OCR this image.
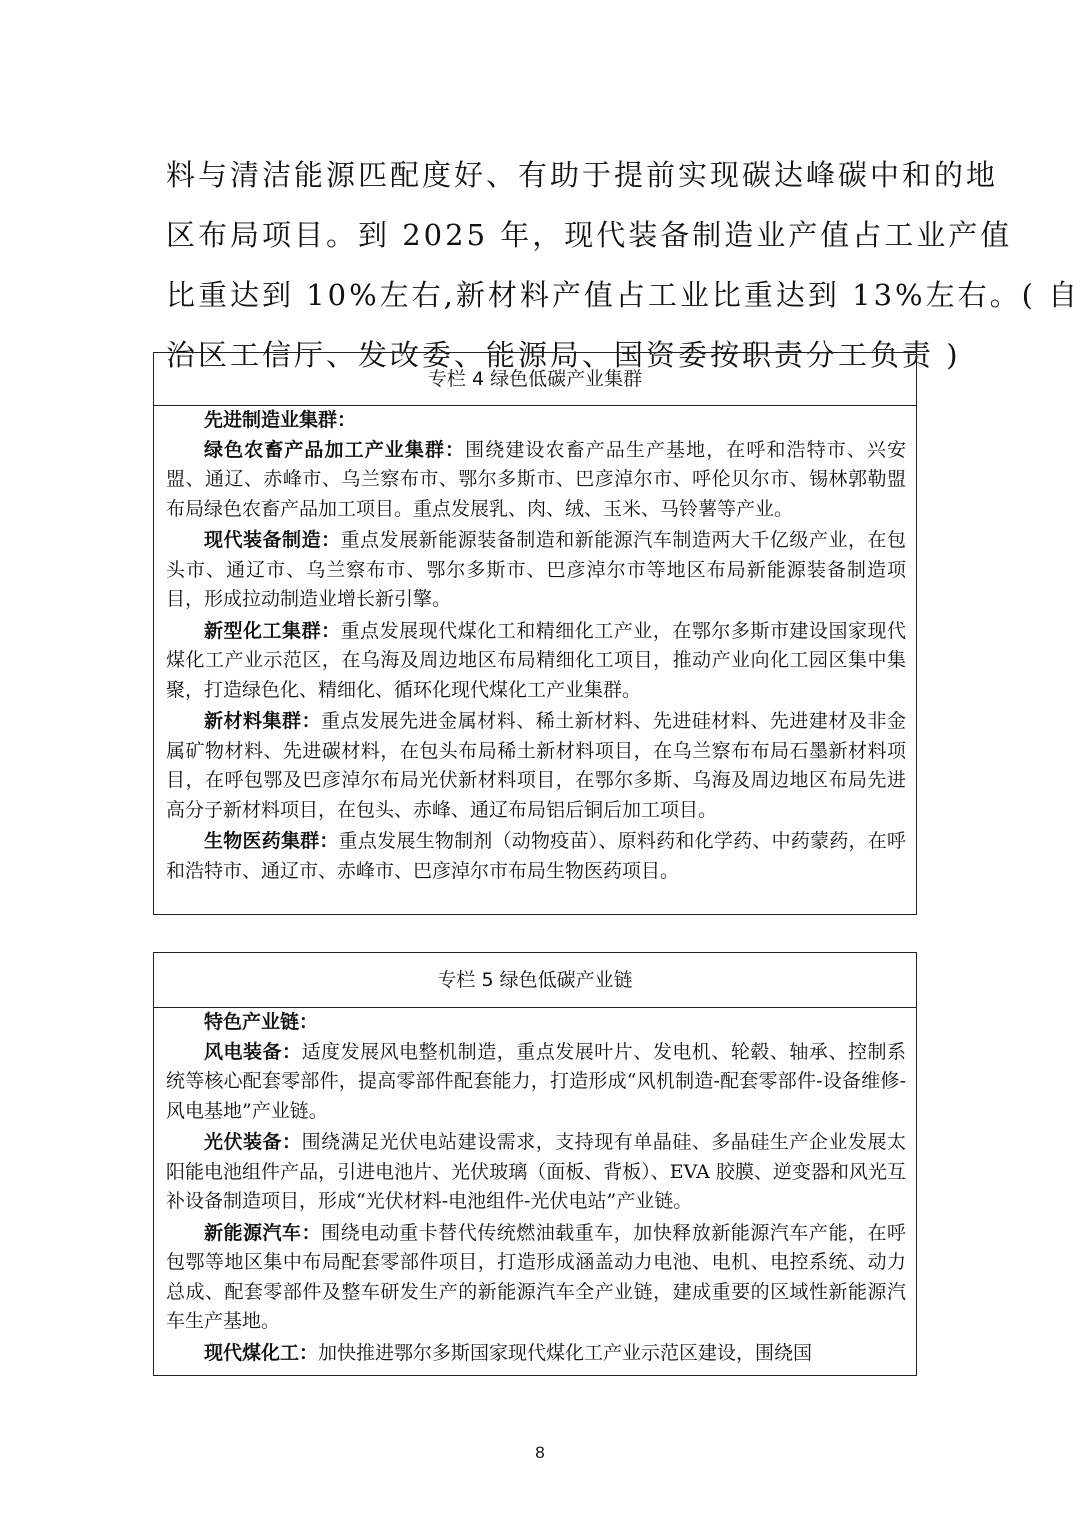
料与清洁能源匹配度好、有助于提前实现碳达峰碳中和的地
区布局项目。到 2025 年，现代装备制造业产值占工业产值
比重达到 10%左右,新材料产值占工业比重达到 13%左右。( 自
治区工信厅、发改委、能源局、国资委按职责分工负责 )
专栏 4 绿色低碳产业集群

先进制造业集群：

绿色农畜产品加工产业集群：围绕建设农畜产品生产基地，在呼和浩特市、兴安盟、通辽、赤峰市、乌兰察布市、鄂尔多斯市、巴彦淖尔市、呼伦贝尔市、锡林郭勒盟布局绿色农畜产品加工项目。重点发展乳、肉、绒、玉米、马铃薯等产业。

现代装备制造：重点发展新能源装备制造和新能源汽车制造两大千亿级产业，在包头市、通辽市、乌兰察布市、鄂尔多斯市、巴彦淖尔市等地区布局新能源装备制造项目，形成拉动制造业增长新引擎。

新型化工集群：重点发展现代煤化工和精细化工产业，在鄂尔多斯市建设国家现代煤化工产业示范区，在乌海及周边地区布局精细化工项目，推动产业向化工园区集中集聚，打造绿色化、精细化、循环化现代煤化工产业集群。

新材料集群：重点发展先进金属材料、稀土新材料、先进硅材料、先进建材及非金属矿物材料、先进碳材料，在包头布局稀土新材料项目，在乌兰察布布局石墨新材料项目，在呼包鄂及巴彦淖尔布局光伏新材料项目，在鄂尔多斯、乌海及周边地区布局先进高分子新材料项目，在包头、赤峰、通辽布局铝后铜后加工项目。

生物医药集群：重点发展生物制剂（动物疫苗）、原料药和化学药、中药蒙药，在呼和浩特市、通辽市、赤峰市、巴彦淖尔市布局生物医药项目。

专栏 5 绿色低碳产业链

特色产业链：

风电装备：适度发展风电整机制造，重点发展叶片、发电机、轮毂、轴承、控制系统等核心配套零部件，提高零部件配套能力，打造形成“风机制造-配套零部件-设备维修-风电基地”产业链。

光伏装备：围绕满足光伏电站建设需求，支持现有单晶硅、多晶硅生产企业发展太阳能电池组件产品，引进电池片、光伏玻璃（面板、背板）、EVA 胶膜、逆变器和风光互补设备制造项目，形成“光伏材料-电池组件-光伏电站”产业链。

新能源汽车：围绕电动重卡替代传统燃油载重车，加快释放新能源汽车产能，在呼包鄂等地区集中布局配套零部件项目，打造形成涵盖动力电池、电机、电控系统、动力总成、配套零部件及整车研发生产的新能源汽车全产业链，建成重要的区域性新能源汽车生产基地。

现代煤化工：加快推进鄂尔多斯国家现代煤化工产业示范区建设，围绕国

8
